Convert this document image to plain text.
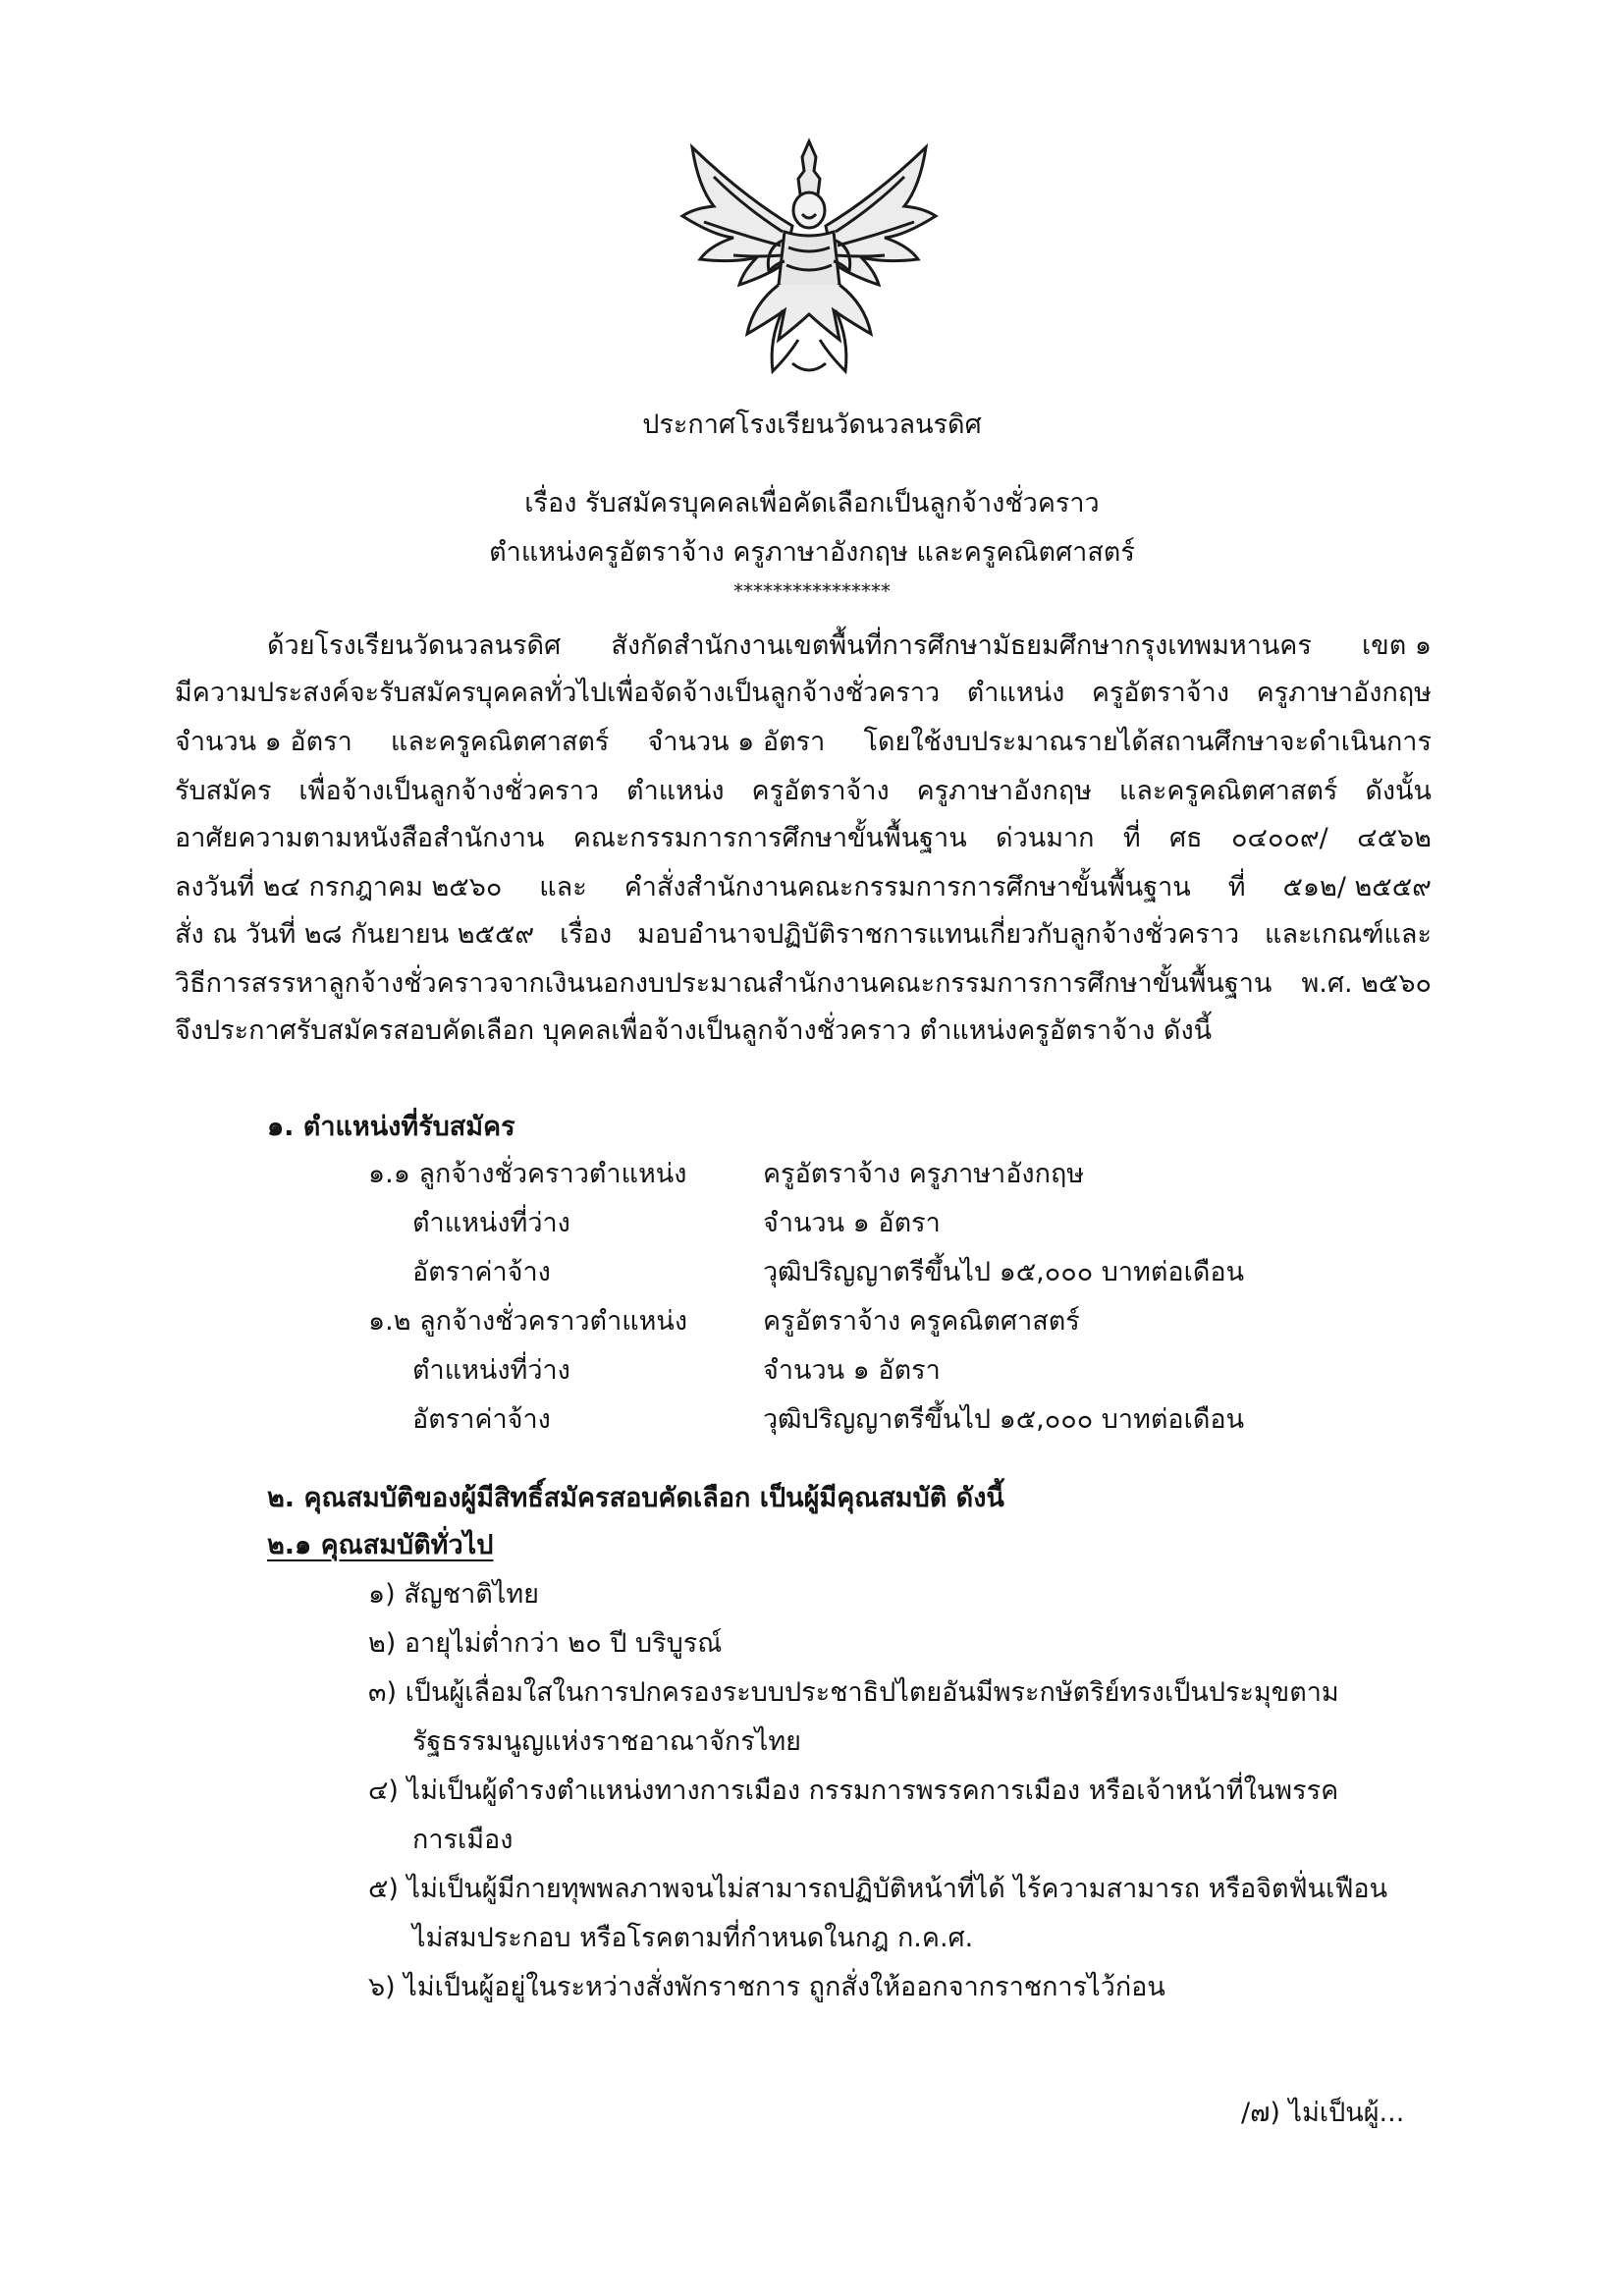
ประกาศโรงเรียนวัดนวลนรดิศ
เรื่อง รับสมัครบุคคลเพื่อคัดเลือกเป็นลูกจ้างชั่วคราว
ตำแหน่งครูอัตราจ้าง ครูภาษาอังกฤษ และครูคณิตศาสตร์
****************
ด้วยโรงเรียนวัดนวลนรดิศ สังกัดสำนักงานเขตพื้นที่การศึกษามัธยมศึกษากรุงเทพมหานคร เขต ๑
มีความประสงค์จะรับสมัครบุคคลทั่วไปเพื่อจัดจ้างเป็นลูกจ้างชั่วคราว ตำแหน่ง ครูอัตราจ้าง ครูภาษาอังกฤษ
จำนวน ๑ อัตรา และครูคณิตศาสตร์ จำนวน ๑ อัตรา โดยใช้งบประมาณรายได้สถานศึกษาจะดำเนินการ
รับสมัคร เพื่อจ้างเป็นลูกจ้างชั่วคราว ตำแหน่ง ครูอัตราจ้าง ครูภาษาอังกฤษ และครูคณิตศาสตร์ ดังนั้น
อาศัยความตามหนังสือสำนักงาน คณะกรรมการการศึกษาขั้นพื้นฐาน ด่วนมาก ที่ ศธ ๐๔๐๐๙/ ๔๕๖๒
ลงวันที่ ๒๔ กรกฎาคม ๒๕๖๐ และ คำสั่งสำนักงานคณะกรรมการการศึกษาขั้นพื้นฐาน ที่ ๕๑๒/ ๒๕๕๙
สั่ง ณ วันที่ ๒๘ กันยายน ๒๕๕๙ เรื่อง มอบอำนาจปฏิบัติราชการแทนเกี่ยวกับลูกจ้างชั่วคราว และเกณฑ์และ
วิธีการสรรหาลูกจ้างชั่วคราวจากเงินนอกงบประมาณสำนักงานคณะกรรมการการศึกษาขั้นพื้นฐาน พ.ศ. ๒๕๖๐
จึงประกาศรับสมัครสอบคัดเลือก บุคคลเพื่อจ้างเป็นลูกจ้างชั่วคราว ตำแหน่งครูอัตราจ้าง ดังนี้
๑. ตำแหน่งที่รับสมัคร
๑.๑ ลูกจ้างชั่วคราวตำแหน่ง	ครูอัตราจ้าง ครูภาษาอังกฤษ
ตำแหน่งที่ว่าง	จำนวน ๑ อัตรา
อัตราค่าจ้าง	วุฒิปริญญาตรีขึ้นไป ๑๕,๐๐๐ บาทต่อเดือน
๑.๒ ลูกจ้างชั่วคราวตำแหน่ง	ครูอัตราจ้าง ครูคณิตศาสตร์
ตำแหน่งที่ว่าง	จำนวน ๑ อัตรา
อัตราค่าจ้าง	วุฒิปริญญาตรีขึ้นไป ๑๕,๐๐๐ บาทต่อเดือน
๒. คุณสมบัติของผู้มีสิทธิ์สมัครสอบคัดเลือก เป็นผู้มีคุณสมบัติ ดังนี้
๒.๑ คุณสมบัติทั่วไป
๑) สัญชาติไทย
๒) อายุไม่ต่ำกว่า ๒๐ ปี บริบูรณ์
๓) เป็นผู้เลื่อมใสในการปกครองระบบประชาธิปไตยอันมีพระกษัตริย์ทรงเป็นประมุขตาม
รัฐธรรมนูญแห่งราชอาณาจักรไทย
๔) ไม่เป็นผู้ดำรงตำแหน่งทางการเมือง กรรมการพรรคการเมือง หรือเจ้าหน้าที่ในพรรค
การเมือง
๕) ไม่เป็นผู้มีกายทุพพลภาพจนไม่สามารถปฏิบัติหน้าที่ได้ ไร้ความสามารถ หรือจิตฟั่นเฟือน
ไม่สมประกอบ หรือโรคตามที่กำหนดในกฎ ก.ค.ศ.
๖) ไม่เป็นผู้อยู่ในระหว่างสั่งพักราชการ ถูกสั่งให้ออกจากราชการไว้ก่อน
/๗) ไม่เป็นผู้...
